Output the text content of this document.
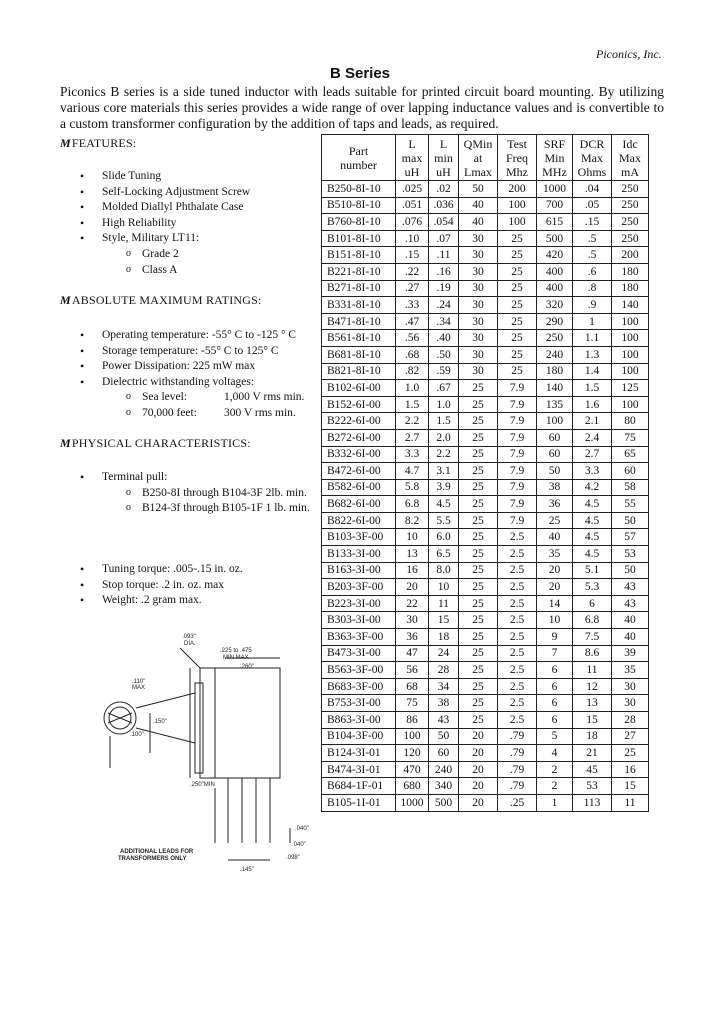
Piconics, Inc.
B Series
Piconics B series is a side tuned inductor with leads suitable for printed circuit board mounting. By utilizing various core materials this series provides a wide range of over lapping inductance values and is convertible to a custom transformer configuration by the addition of taps and leads, as required.
MFEATURES:
• Slide Tuning
• Self-Locking Adjustment Screw
• Molded Diallyl Phthalate Case
• High Reliability
• Style, Military LT11:
o Grade 2
o Class A
MABSOLUTE MAXIMUM RATINGS:
• Operating temperature: -55° C to -125 ° C
• Storage temperature: -55° C to 125° C
• Power Dissipation: 225 mW max
• Dielectric withstanding voltages:
o Sea level:	1,000 V rms min.
o 70,000 feet: 300 V rms min.
MPHYSICAL CHARACTERISTICS:
• Terminal pull:
o B250-8I through B104-3F 2lb. min.
o B124-3f through B105-1F 1 lb. min.
• Tuning torque: .005-.15 in. oz.
• Stop torque: .2 in. oz. max
• Weight: .2 gram max.
.093"
DIA.
.110"
MAX
.225 to .475
MIN MAX
.260"
.150"
.100"
.250"MIN
.040"
.040"
.098"
.145"
ADDITIONAL LEADS FOR
TRANSFORMERS ONLY
Part
number	L
max
uH	L
min
uH	QMin
at
Lmax	Test
Freq
Mhz	SRF
Min
MHz	DCR
Max
Ohms	Idc
Max
mA
B250-8I-10	.025	.02	50	200	1000	.04	250
B510-8I-10	.051	.036	40	100	700	.05	250
B760-8I-10	.076	.054	40	100	615	.15	250
B101-8I-10	.10	.07	30	25	500	.5	250
B151-8I-10	.15	.11	30	25	420	.5	200
B221-8I-10	.22	.16	30	25	400	.6	180
B271-8I-10	.27	.19	30	25	400	.8	180
B331-8I-10	.33	.24	30	25	320	.9	140
B471-8I-10	.47	.34	30	25	290	1	100
B561-8I-10	.56	.40	30	25	250	1.1	100
B681-8I-10	.68	.50	30	25	240	1.3	100
B821-8I-10	.82	.59	30	25	180	1.4	100
B102-6I-00	1.0	.67	25	7.9	140	1.5	125
B152-6I-00	1.5	1.0	25	7.9	135	1.6	100
B222-6I-00	2.2	1.5	25	7.9	100	2.1	80
B272-6I-00	2.7	2.0	25	7.9	60	2.4	75
B332-6I-00	3.3	2.2	25	7.9	60	2.7	65
B472-6I-00	4.7	3.1	25	7.9	50	3.3	60
B582-6I-00	5.8	3.9	25	7.9	38	4.2	58
B682-6I-00	6.8	4.5	25	7.9	36	4.5	55
B822-6I-00	8.2	5.5	25	7.9	25	4.5	50
B103-3F-00	10	6.0	25	2.5	40	4.5	57
B133-3I-00	13	6.5	25	2.5	35	4.5	53
B163-3I-00	16	8.0	25	2.5	20	5.1	50
B203-3F-00	20	10	25	2.5	20	5.3	43
B223-3I-00	22	11	25	2.5	14	6	43
B303-3I-00	30	15	25	2.5	10	6.8	40
B363-3F-00	36	18	25	2.5	9	7.5	40
B473-3I-00	47	24	25	2.5	7	8.6	39
B563-3F-00	56	28	25	2.5	6	11	35
B683-3F-00	68	34	25	2.5	6	12	30
B753-3I-00	75	38	25	2.5	6	13	30
B863-3I-00	86	43	25	2.5	6	15	28
B104-3F-00	100	50	20	.79	5	18	27
B124-3I-01	120	60	20	.79	4	21	25
B474-3I-01	470	240	20	.79	2	45	16
B684-1F-01	680	340	20	.79	2	53	15
B105-1I-01	1000	500	20	.25	1	113	11
